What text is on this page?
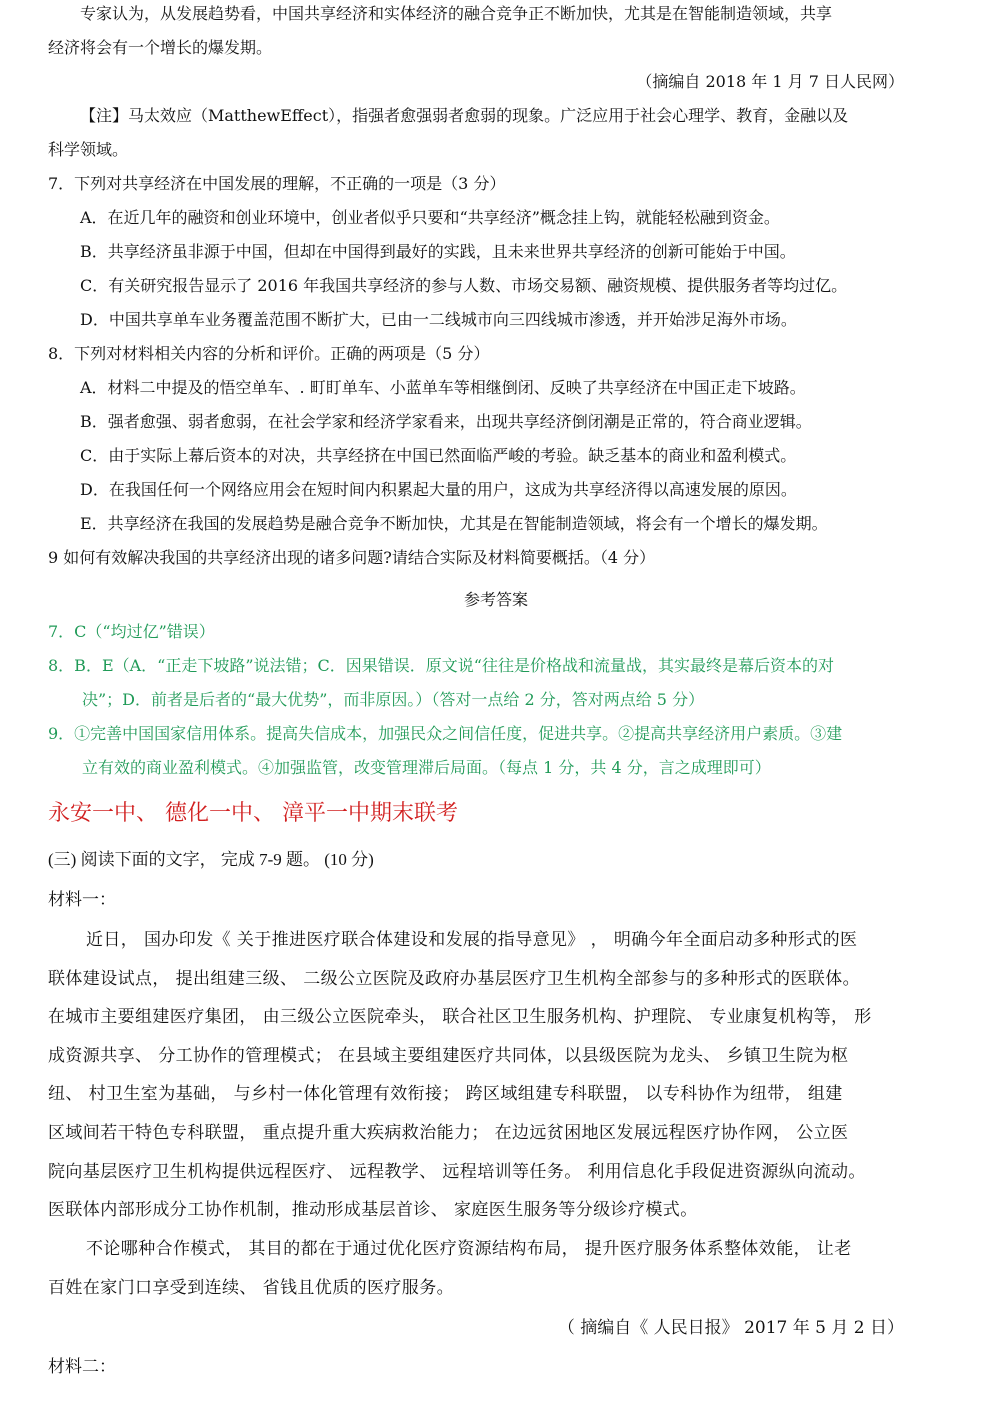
专家认为，从发展趋势看，中国共享经济和实体经济的融合竞争正不断加快，尤其是在智能制造领域，共享
经济将会有一个增长的爆发期。
（摘编自 2018 年 1 月 7 日人民网）
【注】马太效应（MatthewEffect），指强者愈强弱者愈弱的现象。广泛应用于社会心理学、教育，金融以及
科学领域。
7．下列对共享经济在中国发展的理解，不正确的一项是（3 分）
A．在近几年的融资和创业环境中，创业者似乎只要和“共享经济”概念挂上钩，就能轻松融到资金。
B．共享经济虽非源于中国，但却在中国得到最好的实践，且未来世界共享经济的创新可能始于中国。
C．有关研究报告显示了 2016 年我国共享经济的参与人数、市场交易额、融资规模、提供服务者等均过亿。
D．中国共享单车业务覆盖范围不断扩大，已由一二线城市向三四线城市渗透，并开始涉足海外市场。
8．下列对材料相关内容的分析和评价。正确的两项是（5 分）
A．材料二中提及的悟空单车、. 町盯单车、小蓝单车等相继倒闭、反映了共享经济在中国正走下坡路。
B．强者愈强、弱者愈弱，在社会学家和经济学家看来，出现共享经济倒闭潮是正常的，符合商业逻辑。
C．由于实际上幕后资本的对决，共享经挤在中国已然面临严峻的考验。缺乏基本的商业和盈利模式。
D．在我国任何一个网络应用会在短时间内积累起大量的用户，这成为共享经济得以高速发展的原因。
E．共享经济在我国的发展趋势是融合竞争不断加快，尤其是在智能制造领域，将会有一个增长的爆发期。
9 如何有效解决我国的共享经济出现的诸多问题?请结合实际及材料简要概括。（4 分）
参考答案
7．C（“均过亿”错误）
8．B．E（A．“正走下坡路”说法错；C．因果错误．原文说“往往是价格战和流量战，其实最终是幕后资本的对
决”；D．前者是后者的“最大优势”，而非原因。）（答对一点给 2 分，答对两点给 5 分）
9．①完善中国国家信用体系。提高失信成本，加强民众之间信任度，促进共享。②提高共享经济用户素质。③建
立有效的商业盈利模式。④加强监管，改变管理滞后局面。（每点 1 分，共 4 分，言之成理即可）
永安一中、 德化一中、 漳平一中期末联考
(三) 阅读下面的文字， 完成 7-9 题。 (10 分)
材料一：
近日， 国办印发《 关于推进医疗联合体建设和发展的指导意见》 ， 明确今年全面启动多种形式的医
联体建设试点， 提出组建三级、 二级公立医院及政府办基层医疗卫生机构全部参与的多种形式的医联体。
在城市主要组建医疗集团， 由三级公立医院牵头， 联合社区卫生服务机构、护理院、 专业康复机构等， 形
成资源共享、 分工协作的管理模式； 在县域主要组建医疗共同体，以县级医院为龙头、 乡镇卫生院为枢
纽、 村卫生室为基础， 与乡村一体化管理有效衔接； 跨区域组建专科联盟， 以专科协作为纽带， 组建
区域间若干特色专科联盟， 重点提升重大疾病救治能力； 在边远贫困地区发展远程医疗协作网， 公立医
院向基层医疗卫生机构提供远程医疗、 远程教学、 远程培训等任务。 利用信息化手段促进资源纵向流动。
医联体内部形成分工协作机制，推动形成基层首诊、 家庭医生服务等分级诊疗模式。
不论哪种合作模式， 其目的都在于通过优化医疗资源结构布局， 提升医疗服务体系整体效能， 让老
百姓在家门口享受到连续、 省钱且优质的医疗服务。
（ 摘编自《 人民日报》 2017 年 5 月 2 日）
材料二：
